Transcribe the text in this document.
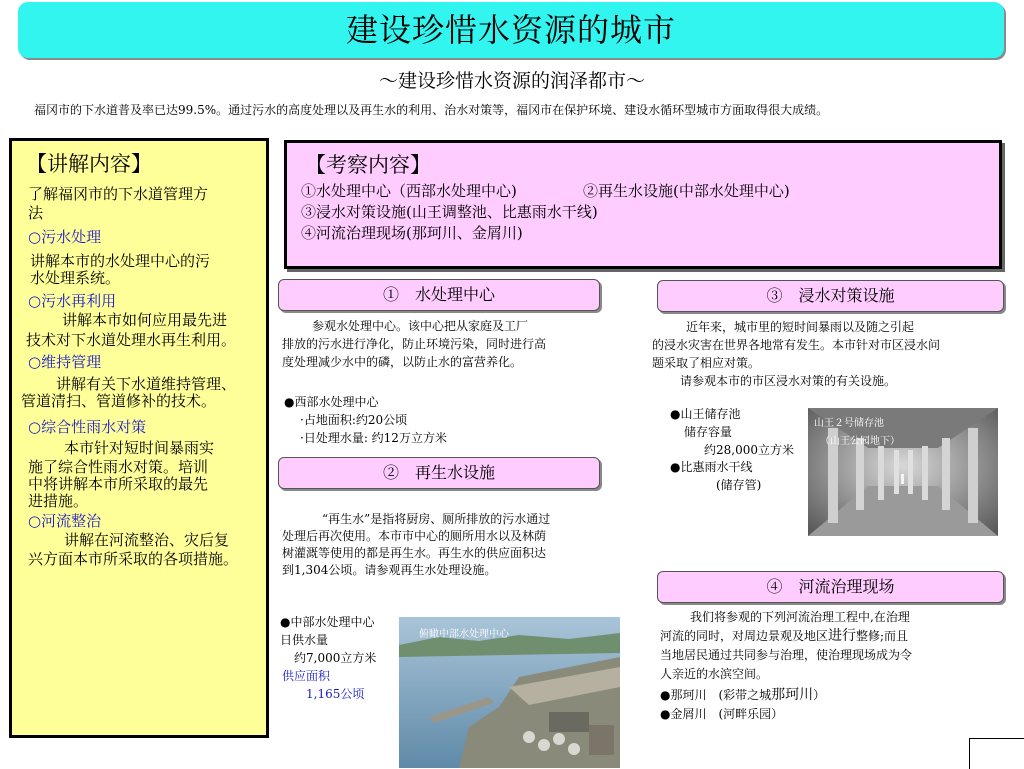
建设珍惜水资源的城市
～建设珍惜水资源的润泽都市～
福冈市的下水道普及率已达99.5%。通过污水的高度处理以及再生水的利用、治水对策等，福冈市在保护环境、建设水循环型城市方面取得很大成绩。
【讲解内容】
了解福冈市的下水道管理方
法
○污水处理
讲解本市的水处理中心的污
水处理系统。
○污水再利用
讲解本市如何应用最先进
技术对下水道处理水再生利用。
○维持管理
讲解有关下水道维持管理、
管道清扫、管道修补的技术。
○综合性雨水对策
本市针对短时间暴雨实
施了综合性雨水对策。培训
中将讲解本市所采取的最先
进措施。
○河流整治
讲解在河流整治、灾后复
兴方面本市所采取的各项措施。
【考察内容】
①水处理中心（西部水处理中心)	②再生水设施(中部水处理中心)
③浸水对策设施(山王调整池、比惠雨水干线)
④河流治理现场(那珂川、金屑川)
①　水处理中心
参观水处理中心。该中心把从家庭及工厂
排放的污水进行净化，防止环境污染，同时进行高
度处理减少水中的磷，以防止水的富营养化。
●西部水处理中心
·占地面积:约20公顷
·日处理水量: 约12万立方米
②　再生水设施
“再生水”是指将厨房、厕所排放的污水通过
处理后再次使用。本市市中心的厕所用水以及林荫
树灌溉等使用的都是再生水。再生水的供应面积达
到1,304公顷。请参观再生水处理设施。
●中部水处理中心
日供水量
约7,000立方米
供应面积
1,165公顷
俯瞰中部水处理中心
③　浸水对策设施
近年来，城市里的短时间暴雨以及随之引起
的浸水灾害在世界各地常有发生。本市针对市区浸水问
题采取了相应对策。
请参观本市的市区浸水对策的有关设施。
●山王储存池
储存容量
约28,000立方米
●比惠雨水干线
(储存管)
山王２号储存池
（山王公园地下）
④　河流治理现场
我们将参观的下列河流治理工程中,在治理
河流的同时，对周边景观及地区进行整修;而且
当地居民通过共同参与治理，使治理现场成为令
人亲近的水滨空间。
●那珂川　(彩带之城那珂川）
●金屑川　(河畔乐园）
